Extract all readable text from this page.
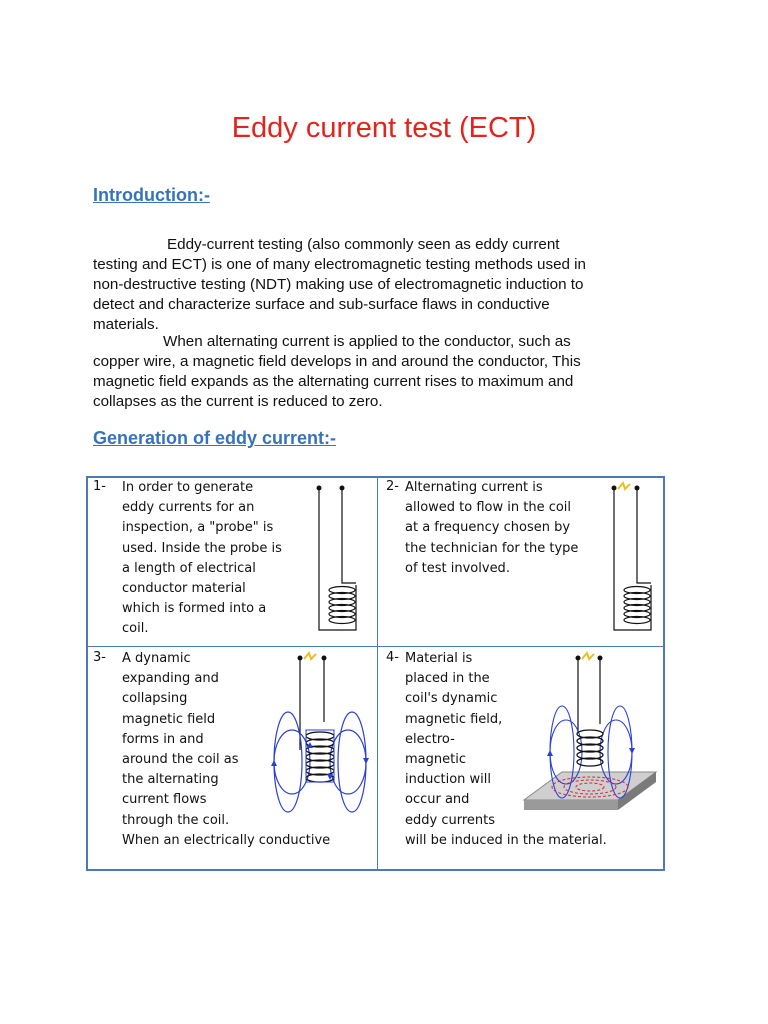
Eddy current test (ECT)
Introduction:-

Eddy-current testing (also commonly seen as eddy current
testing and ECT) is one of many electromagnetic testing methods used in
non-destructive testing (NDT) making use of electromagnetic induction to
detect and characterize surface and sub-surface flaws in conductive
materials.

When alternating current is applied to the conductor, such as
copper wire, a magnetic field develops in and around the conductor, This
magnetic field expands as the alternating current rises to maximum and
collapses as the current is reduced to zero.

Generation of eddy current:-
1- In order to generate
eddy currents for an
inspection, a "probe" is
used. Inside the probe is
a length of electrical
conductor material
which is formed into a
coil.
2- Alternating current is
allowed to flow in the coil
at a frequency chosen by
the technician for the type
of test involved.
3- A dynamic
expanding and
collapsing
magnetic field
forms in and
around the coil as
the alternating
current flows
through the coil.
When an electrically conductive
4- Material is
placed in the
coil's dynamic
magnetic field,
electro-
magnetic
induction will
occur and
eddy currents
will be induced in the material.
